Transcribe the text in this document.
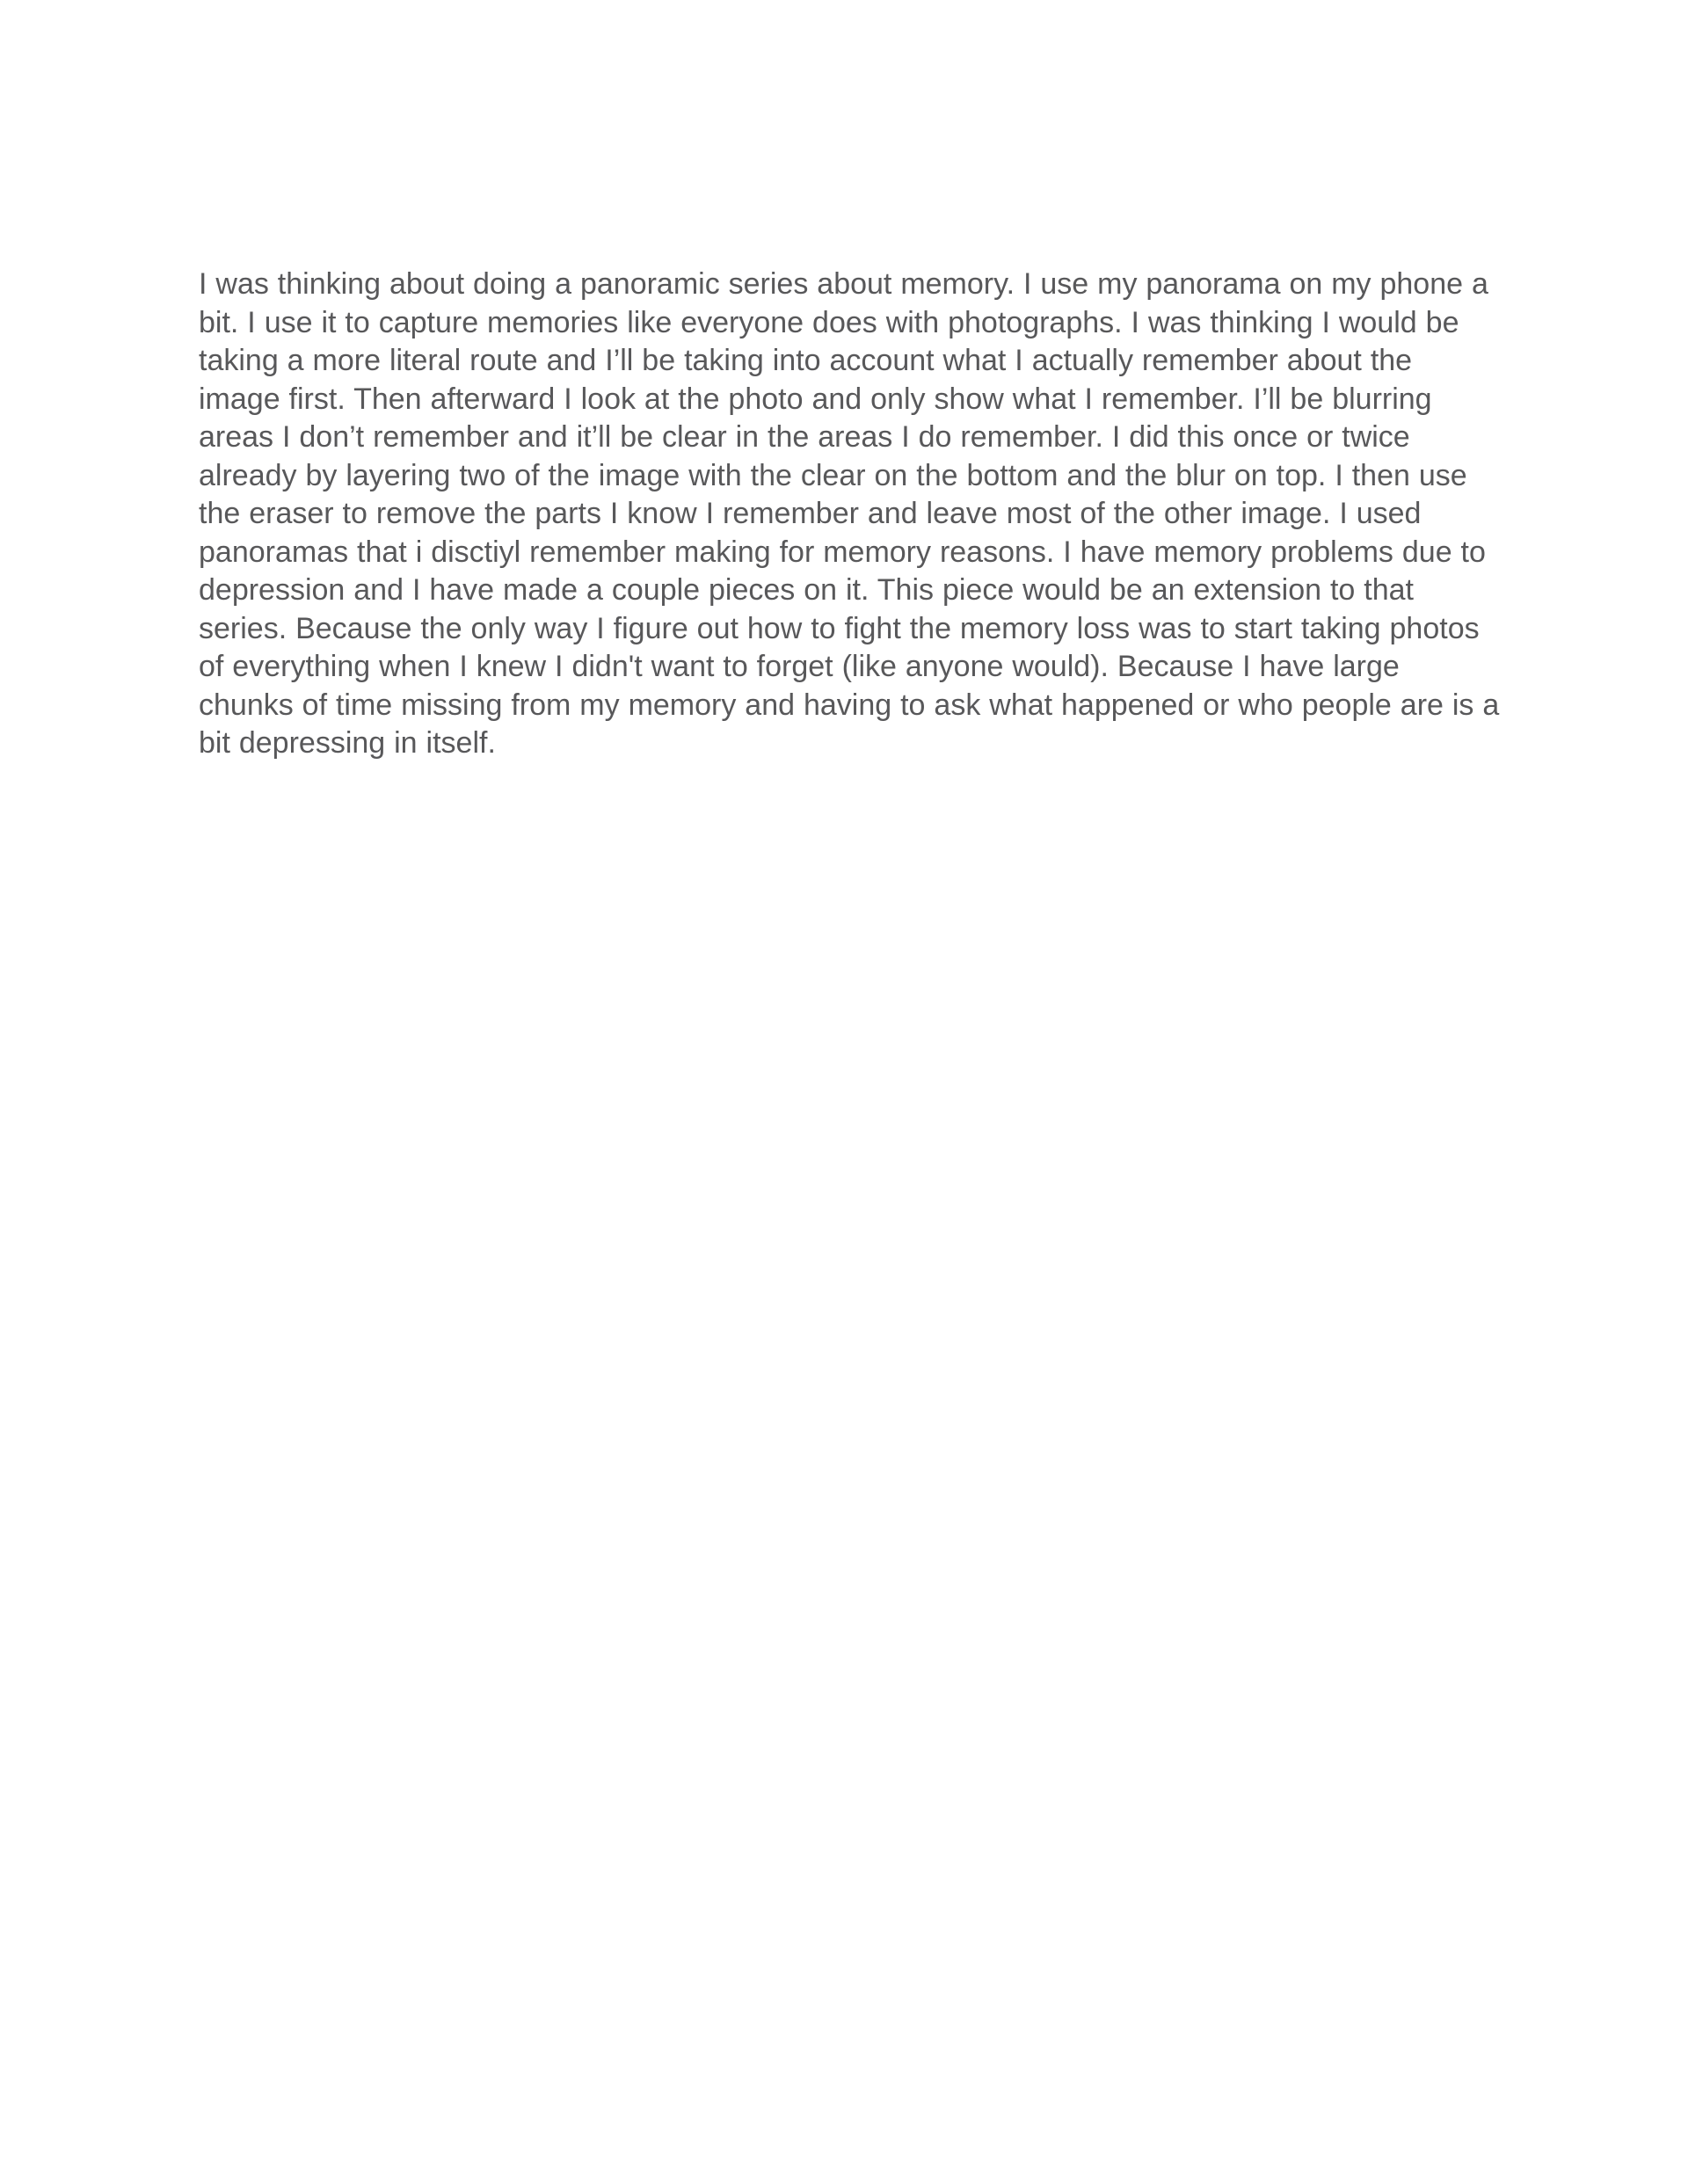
I was thinking about doing a panoramic series about memory. I use my panorama on my phone a bit. I use it to capture memories like everyone does with photographs. I was thinking I would be taking a more literal route and I’ll be taking into account what I actually remember about the image first. Then afterward I look at the photo and only show what I remember. I’ll be blurring areas I don’t remember and it’ll be clear in the areas I do remember. I did this once or twice already by layering two of the image with the clear on the bottom and the blur on top. I then use the eraser to remove the parts I know I remember and leave most of the other image. I used panoramas that i disctiyl remember making for memory reasons. I have memory problems due to depression and I have made a couple pieces on it. This piece would be an extension to that series. Because the only way I figure out how to fight the memory loss was to start taking photos of everything when I knew I didn't want to forget (like anyone would). Because I have large chunks of time missing from my memory and having to ask what happened or who people are is a bit depressing in itself.
